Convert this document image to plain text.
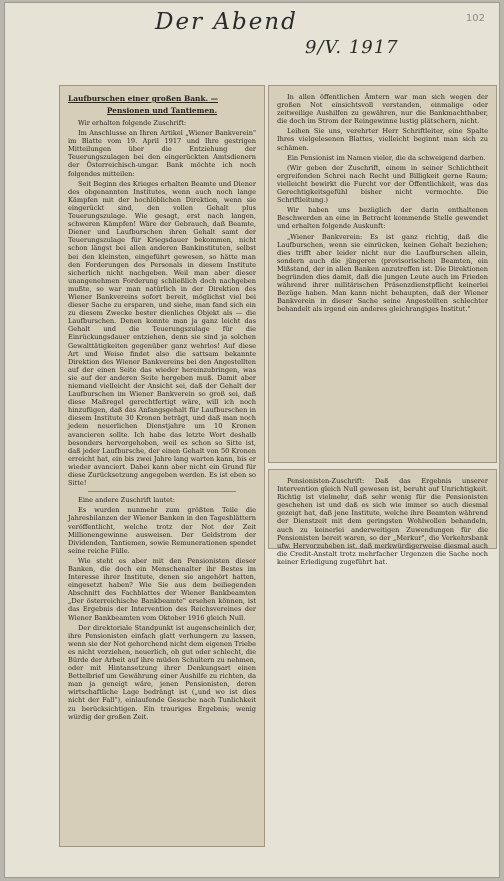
Der Abend
9/V. 1917
102
Laufburschen einer großen Bank. —
Pensionen und Tantiemen.
Wir erhalten folgende Zuschrift:
Im Anschlusse an Ihren Artikel „Wiener Bankverein" im Blatte vom 19. April 1917 und Ihre gestrigen Mitteilungen über die Entziehung der Teuerungszulagen bei den eingerückten Amtsdienern der Österreichisch-ungar. Bank möchte ich noch folgendes mitteilen:
Seit Beginn des Krieges erhalten Beamte und Diener des obgenannten Institutes, wenn auch noch lange Kämpfen mit der hochlöblichen Direktion, wenn sie eingerückt sind, den vollen Gehalt plus Teuerungszulage. Wie gesagt, erst nach langen, schweren Kämpfen! Wäre der Gebrauch, daß Beamte, Diener und Laufburschen ihren Gehalt samt der Teuerungszulage für Kriegsdauer bekommen, nicht schon längst bei allen anderen Bankinstituten, selbst bei den kleinsten, eingeführt gewesen, so hätte man den Forderungen des Personals in diesem Institute sicherlich nicht nachgeben. Weil man aber dieser unangenehmen Forderung schließlich doch nachgeben mußte, so war man natürlich in der Direktion des Wiener Bankvereins sofort bereit, möglichst viel bei dieser Sache zu ersparen, und siehe, man fand sich ein zu diesem Zwecke bester dienliches Objekt als — die Laufburschen. Denen konnte man ja ganz leicht das Gehalt und die Teuerungszulage für die Einrückungsdauer entziehen, denn sie sind ja solchen Gewalttätigkeiten gegenüber ganz wehrlos! Auf diese Art und Weise findet also die sattsam bekannte Direktion des Wiener Bankvereins bei den Angestellten auf der einen Seite das wieder hereinzubringen, was sie auf der anderen Seite hergeben muß. Damit aber niemand vielleicht der Ansicht sei, daß der Gehalt der Laufburschen im Wiener Bankverein so groß sei, daß diese Maßregel gerechtfertigt wäre, will ich noch hinzufügen, daß das Anfangsgehalt für Laufburschen in diesem Institute 30 Kronen beträgt, und daß man noch jedem neuerlichen Dienstjahre um 10 Kronen avancieren sollte. Ich habe das letzte Wort deshalb besonders hervorgehoben, weil es schon so Sitte ist, daß jeder Laufbursche, der einen Gehalt von 50 Kronen erreicht hat, ein bis zwei Jahre lang warten kann, bis er wieder avanciert. Dabei kann aber nicht ein Grund für diese Zurücksetzung angegeben werden. Es ist eben so Sitte!
Eine andere Zuschrift lautet:
Es wurden nunmehr zum größten Teile die Jahresbilanzen der Wiener Banken in den Tagesblättern veröffentlicht, welche trotz der Not der Zeit Millionengewinne ausweisen. Der Geldstrom der Dividenden, Tantiemen, sowie Remunerationen spendet seine reiche Fülle.
Wie steht es aber mit den Pensionisten dieser Banken, die doch ein Menschenalter ihr Bestes im Interesse ihrer Institute, denen sie angehört hatten, eingesetzt haben? Wie Sie aus dem beiliegenden Abschnitt des Fachblattes der Wiener Bankbeamten „Der österreichische Bankbeamte" ersehen können, ist das Ergebnis der Intervention des Reichsvereines der Wiener Bankbeamten vom Oktober 1916 gleich Null.
Der direktoriale Standpunkt ist augenscheinlich der, ihre Pensionisten einfach glatt verhungern zu lassen, wenn sie der Not gehorchend nicht dem eigenen Triebe es nicht vorziehen, neuerlich, ob gut oder schlecht, die Bürde der Arbeit auf ihre müden Schultern zu nehmen, oder mit Hintansetzung ihrer Denkungsart einen Bettelbrief um Gewährung einer Aushilfe zu richten, da man ja geneigt wäre, jenen Pensionisten, deren wirtschaftliche Lage bedrängt ist („und wo ist dies nicht der Fall"), einlaufende Gesuche nach Tunlichkeit zu berücksichtigen. Ein trauriges Ergebnis; wenig würdig der großen Zeit.
In allen öffentlichen Ämtern war man sich wegen der großen Not einsichtsvoll verstanden, einmalige oder zeitweilige Aushilfen zu gewähren, nur die Bankmachthaber, die doch im Strom der Reingewinne lustig plätschern, nicht.
Leihen Sie uns, verehrter Herr Schriftleiter, eine Spalte Ihres vielgelesenen Blattes, vielleicht beginnt man sich zu schämen.
Ein Pensionist im Namen vieler, die da schweigend darben.
(Wir geben der Zuschrift, einem in seiner Schlichtheit ergreifenden Schrei nach Recht und Billigkeit gerne Raum; vielleicht bewirkt die Furcht vor der Öffentlichkeit, was das Gerechtigkeitsgefühl bisher nicht vermochte. Die Schriftleitung.)
Wir haben uns bezüglich der darin enthaltenen Beschwerden an eine in Betracht kommende Stelle gewendet und erhalten folgende Auskunft:
„Wiener Bankverein: Es ist ganz richtig, daß die Laufburschen, wenn sie einrücken, keinen Gehalt beziehen; dies trifft aber leider nicht nur die Laufburschen allein, sondern auch die jüngeren (provisorischen) Beamten, ein Mißstand, der in allen Banken anzutreffen ist. Die Direktionen begründen dies damit, daß die jungen Leute auch im Frieden während ihrer militärischen Präsenzdienstpflicht keinerlei Bezüge haben. Man kann nicht behaupten, daß der Wiener Bankverein in dieser Sache seine Angestellten schlechter behandelt als irgend ein anderes gleichrangiges Institut."
Pensionisten-Zuschrift: Daß das Ergebnis unserer Intervention gleich Null gewesen ist, beruht auf Unrichtigkeit. Richtig ist vielmehr, daß sehr wenig für die Pensionisten geschehen ist und daß es sich wie immer so auch diesmal gezeigt hat, daß jene Institute, welche ihre Beamten während der Dienstzeit mit dem geringsten Wohlwollen behandeln, auch zu keinerlei anderweitigen Zuwendungen für die Pensionisten bereit waren, so der „Merkur", die Verkehrsbank ufw. Hervorzuheben ist, daß merkwürdigerweise diesmal auch die Credit-Anstalt trotz mehrfacher Urgenzen die Sache noch keiner Erledigung zugeführt hat.
